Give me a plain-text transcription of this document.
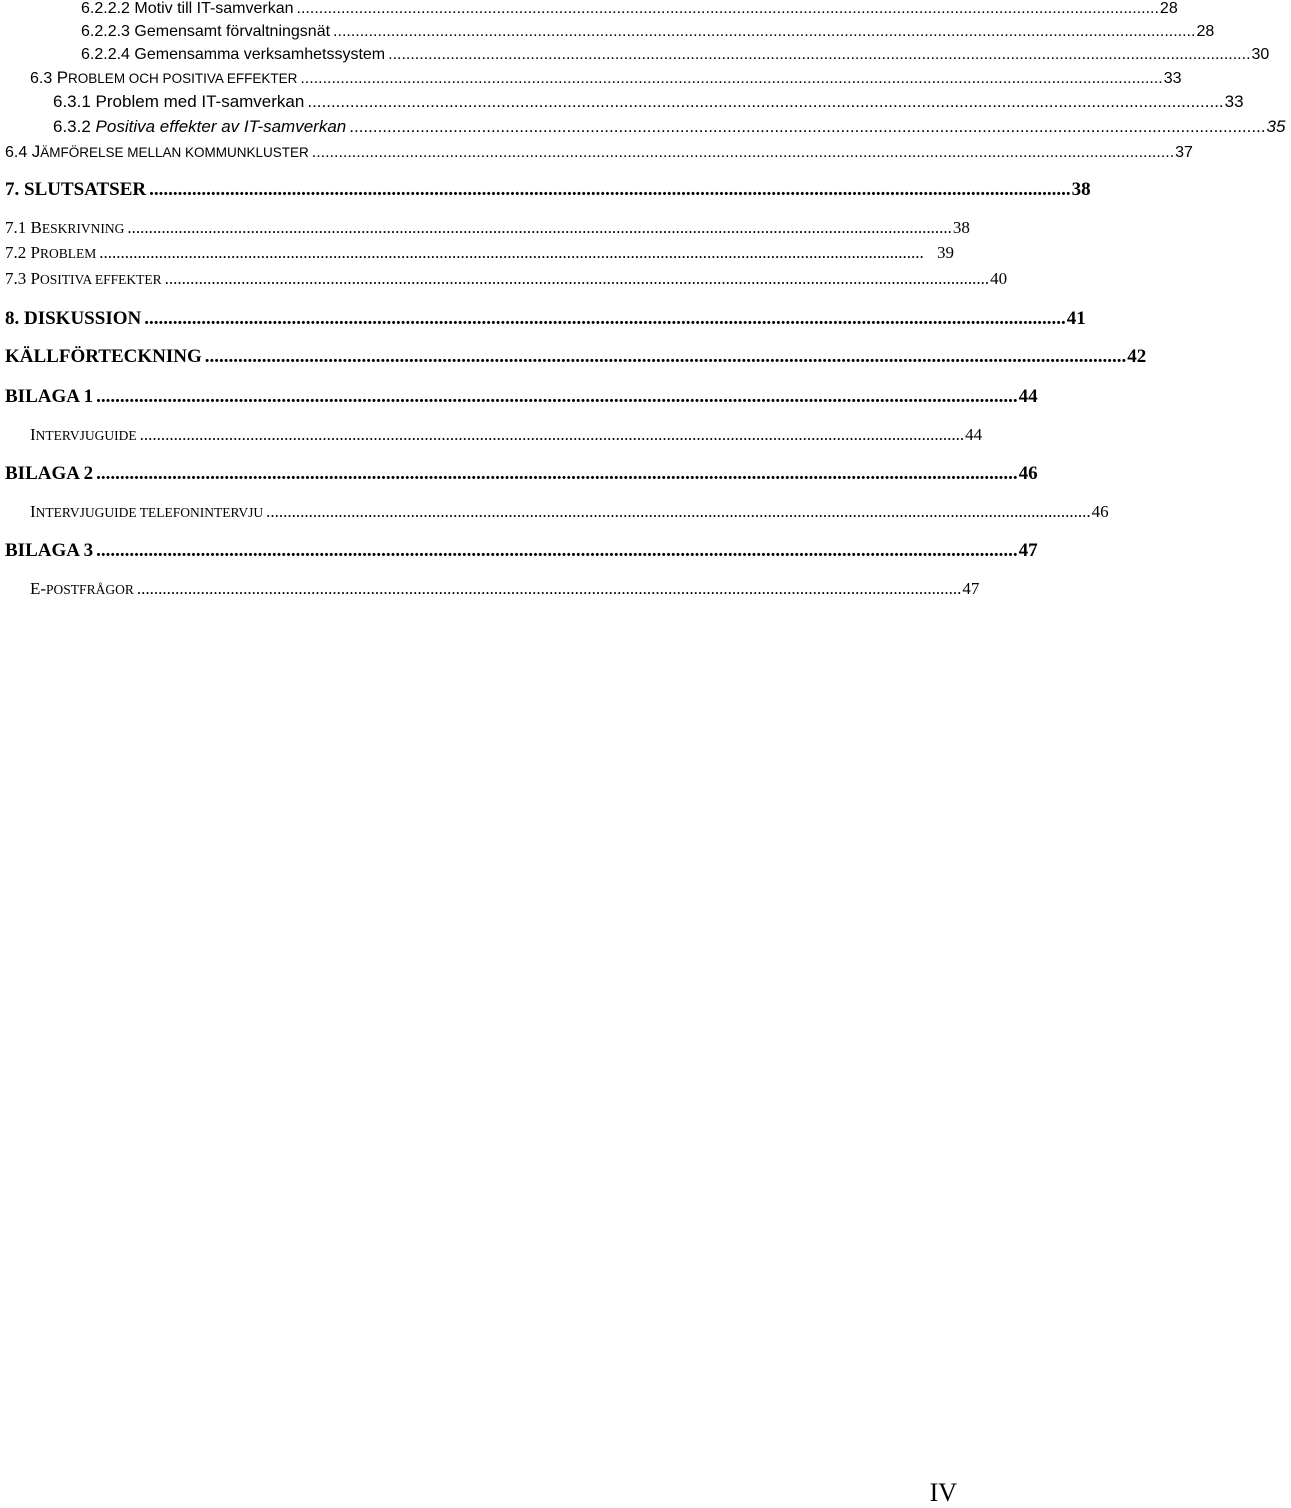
6.2.2.2 Motiv till IT-samverkan .................................................................................................................................................................................................. 28
6.2.2.3 Gemensamt förvaltningsnät .................................................................................................................................................................................................. 28
6.2.2.4 Gemensamma verksamhetssystem .................................................................................................................................................................................................. 30
6.3 PROBLEM OCH POSITIVA EFFEKTER .................................................................................................................................................................................................. 33
6.3.1 Problem med IT-samverkan .................................................................................................................................................................................................. 33
6.3.2 Positiva effekter av IT-samverkan .................................................................................................................................................................................................. 35
6.4 JÄMFÖRELSE MELLAN KOMMUNKLUSTER .................................................................................................................................................................................................. 37
7. SLUTSATSER .................................................................................................................................................................................................. 38
7.1 BESKRIVNING .................................................................................................................................................................................................. 38
7.2 PROBLEM .................................................................................................................................................................................................. 39
7.3 POSITIVA EFFEKTER .................................................................................................................................................................................................. 40
8. DISKUSSION .................................................................................................................................................................................................. 41
KÄLLFÖRTECKNING .................................................................................................................................................................................................. 42
BILAGA 1 .................................................................................................................................................................................................. 44
INTERVJUGUIDE .................................................................................................................................................................................................. 44
BILAGA 2 .................................................................................................................................................................................................. 46
INTERVJUGUIDE TELEFONINTERVJU .................................................................................................................................................................................................. 46
BILAGA 3 .................................................................................................................................................................................................. 47
E-POSTFRÅGOR .................................................................................................................................................................................................. 47
IV
